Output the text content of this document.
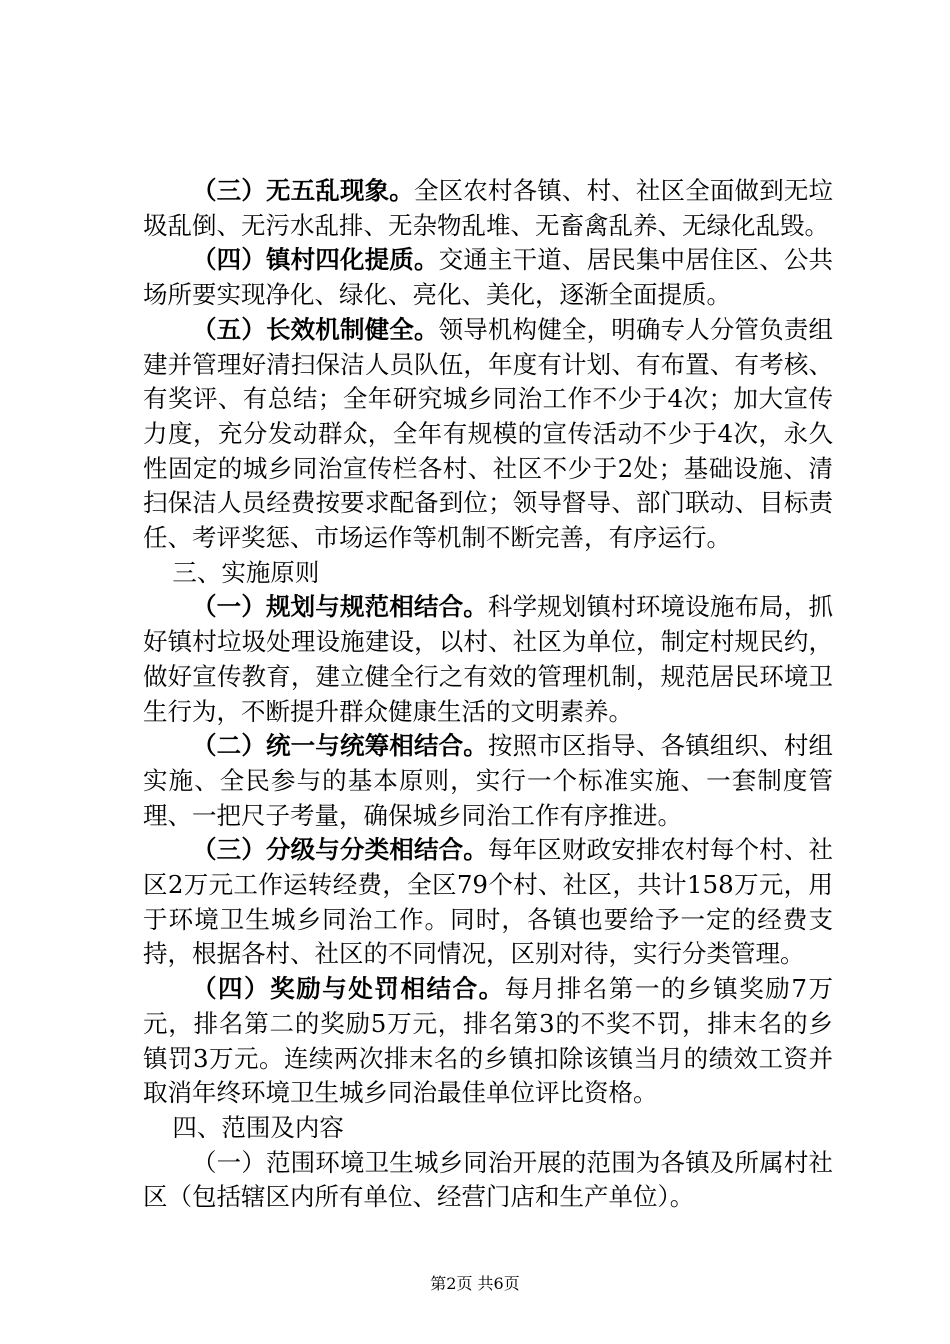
（三）无五乱现象。全区农村各镇、村、社区全面做到无垃圾乱倒、无污水乱排、无杂物乱堆、无畜禽乱养、无绿化乱毁。

（四）镇村四化提质。交通主干道、居民集中居住区、公共场所要实现净化、绿化、亮化、美化，逐渐全面提质。

（五）长效机制健全。领导机构健全，明确专人分管负责组建并管理好清扫保洁人员队伍，年度有计划、有布置、有考核、有奖评、有总结；全年研究城乡同治工作不少于4次；加大宣传力度，充分发动群众，全年有规模的宣传活动不少于4次，永久性固定的城乡同治宣传栏各村、社区不少于2处；基础设施、清扫保洁人员经费按要求配备到位；领导督导、部门联动、目标责任、考评奖惩、市场运作等机制不断完善，有序运行。

三、实施原则

（一）规划与规范相结合。科学规划镇村环境设施布局，抓好镇村垃圾处理设施建设，以村、社区为单位，制定村规民约，做好宣传教育，建立健全行之有效的管理机制，规范居民环境卫生行为，不断提升群众健康生活的文明素养。

（二）统一与统筹相结合。按照市区指导、各镇组织、村组实施、全民参与的基本原则，实行一个标准实施、一套制度管理、一把尺子考量，确保城乡同治工作有序推进。

（三）分级与分类相结合。每年区财政安排农村每个村、社区2万元工作运转经费，全区79个村、社区，共计158万元，用于环境卫生城乡同治工作。同时，各镇也要给予一定的经费支持，根据各村、社区的不同情况，区别对待，实行分类管理。

（四）奖励与处罚相结合。每月排名第一的乡镇奖励7万元，排名第二的奖励5万元，排名第3的不奖不罚，排末名的乡镇罚3万元。连续两次排末名的乡镇扣除该镇当月的绩效工资并取消年终环境卫生城乡同治最佳单位评比资格。

四、范围及内容

（一）范围环境卫生城乡同治开展的范围为各镇及所属村社区（包括辖区内所有单位、经营门店和生产单位）。

第2页 共6页
